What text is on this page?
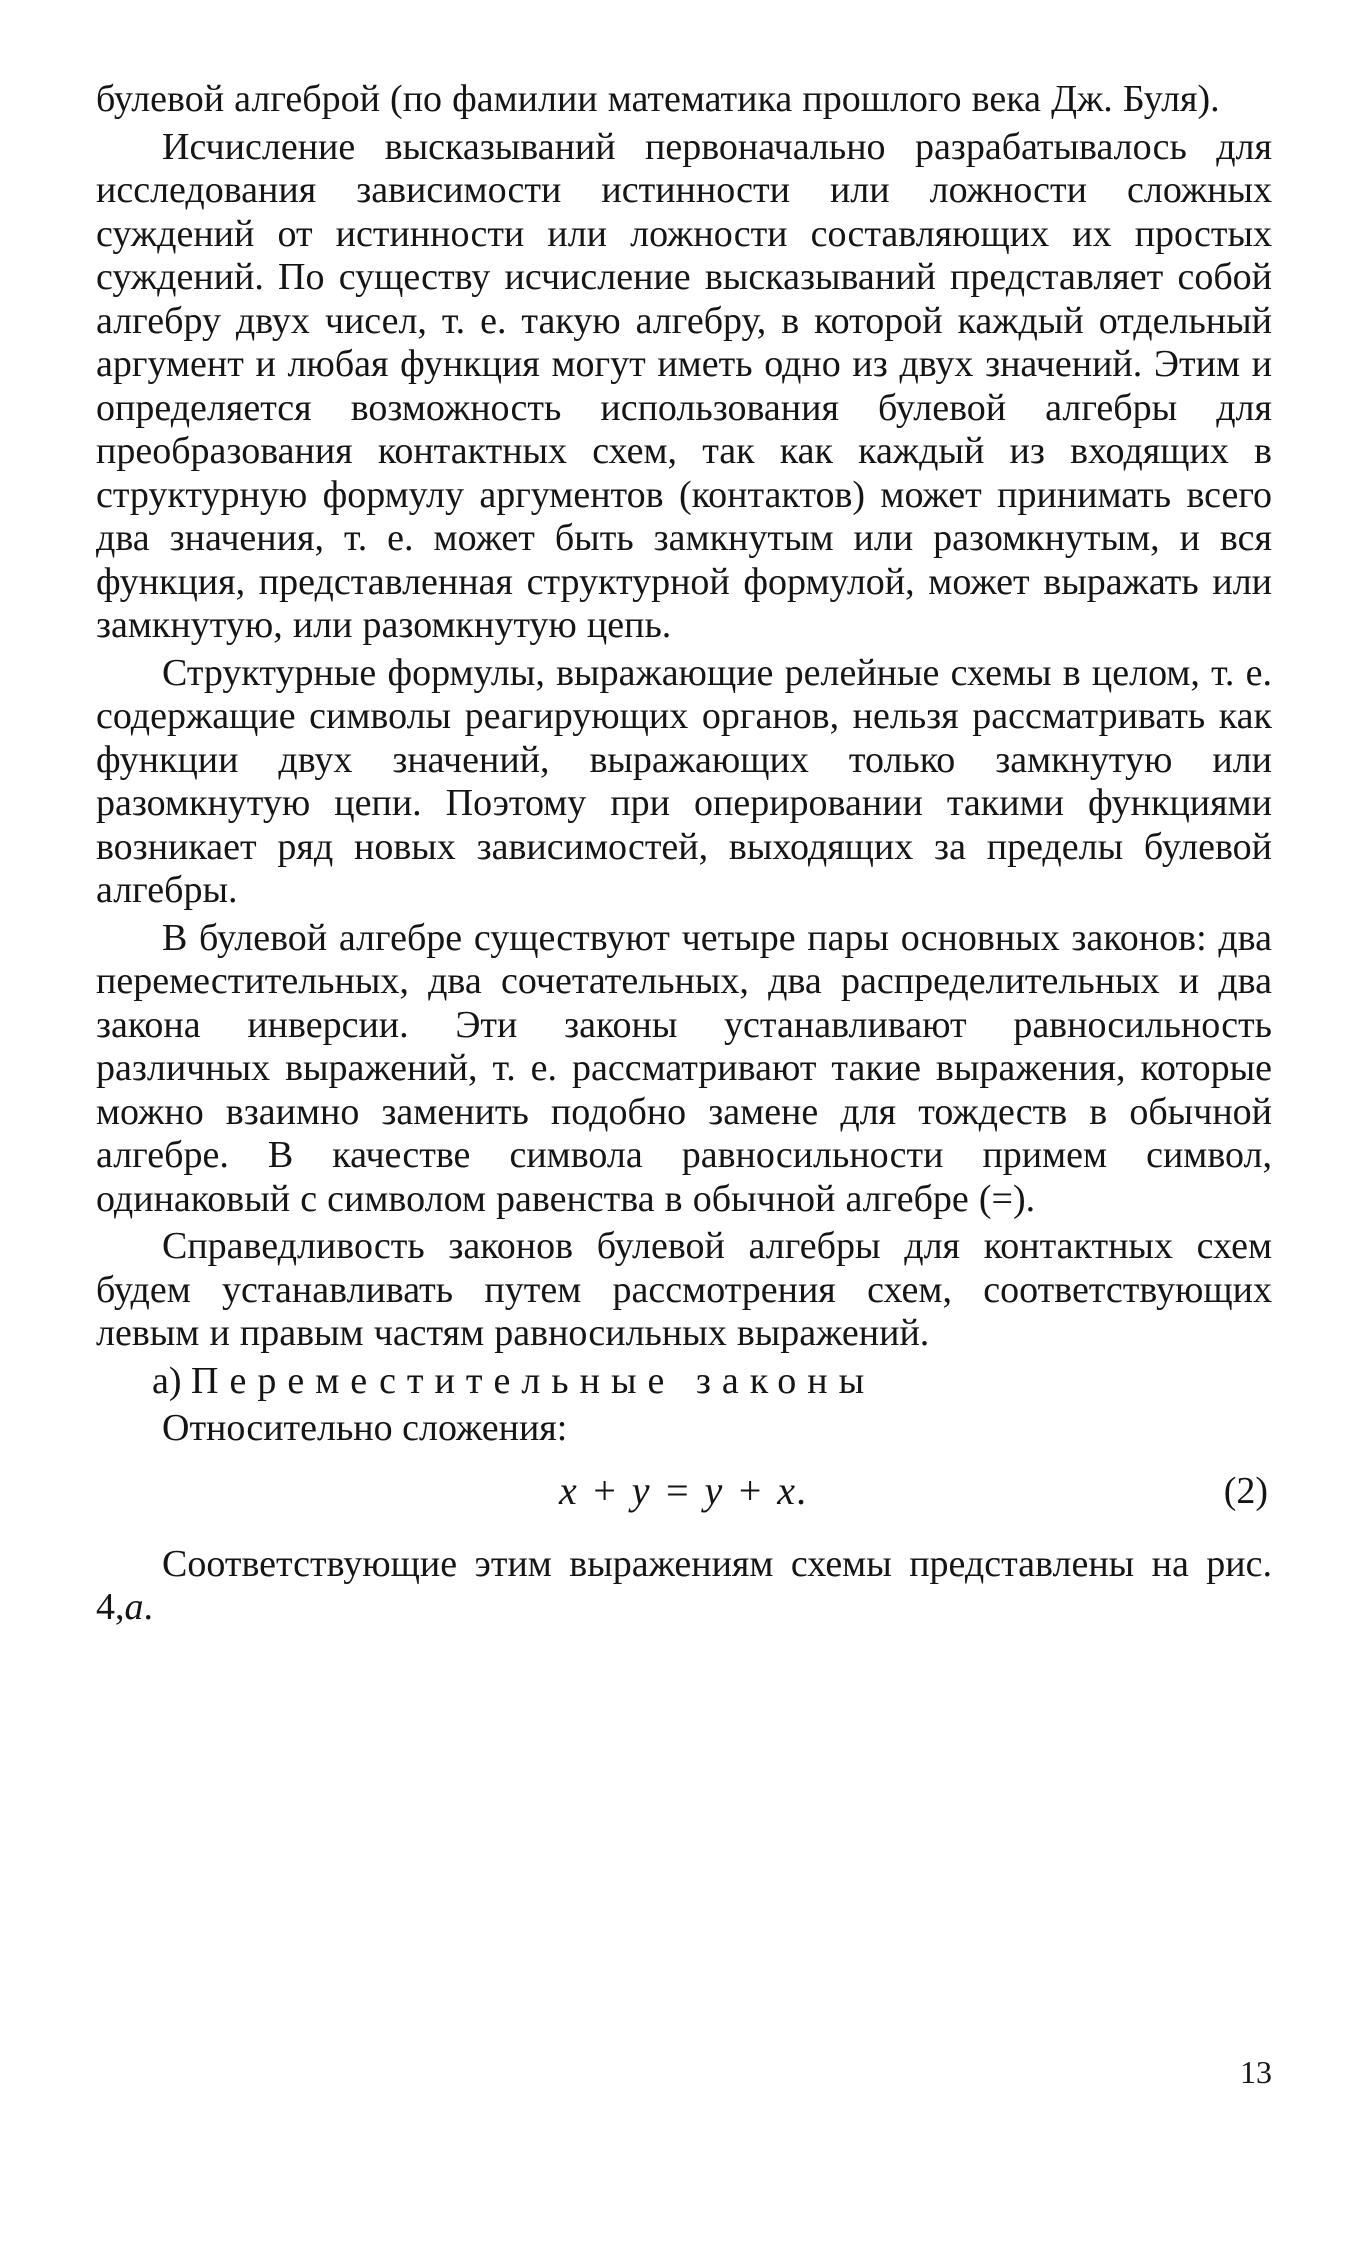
булевой алгеброй (по фамилии математика прошлого века Дж. Буля).

Исчисление высказываний первоначально разрабатывалось для исследования зависимости истинности или ложности сложных суждений от истинности или ложности составляющих их простых суждений. По существу исчисление высказываний представляет собой алгебру двух чисел, т. е. такую алгебру, в которой каждый отдельный аргумент и любая функция могут иметь одно из двух значений. Этим и определяется возможность использования булевой алгебры для преобразования контактных схем, так как каждый из входящих в структурную формулу аргументов (контактов) может принимать всего два значения, т. е. может быть замкнутым или разомкнутым, и вся функция, представленная структурной формулой, может выражать или замкнутую, или разомкнутую цепь.

Структурные формулы, выражающие релейные схемы в целом, т. е. содержащие символы реагирующих органов, нельзя рассматривать как функции двух значений, выражающих только замкнутую или разомкнутую цепи. Поэтому при оперировании такими функциями возникает ряд новых зависимостей, выходящих за пределы булевой алгебры.

В булевой алгебре существуют четыре пары основных законов: два переместительных, два сочетательных, два распределительных и два закона инверсии. Эти законы устанавливают равносильность различных выражений, т. е. рассматривают такие выражения, которые можно взаимно заменить подобно замене для тождеств в обычной алгебре. В качестве символа равносильности примем символ, одинаковый с символом равенства в обычной алгебре (=).

Справедливость законов булевой алгебры для контактных схем будем устанавливать путем рассмотрения схем, соответствующих левым и правым частям равносильных выражений.

а) Переместительные законы
Относительно сложения:
x + y = y + x.	(2)

Соответствующие этим выражениям схемы представлены на рис. 4,а.

13
